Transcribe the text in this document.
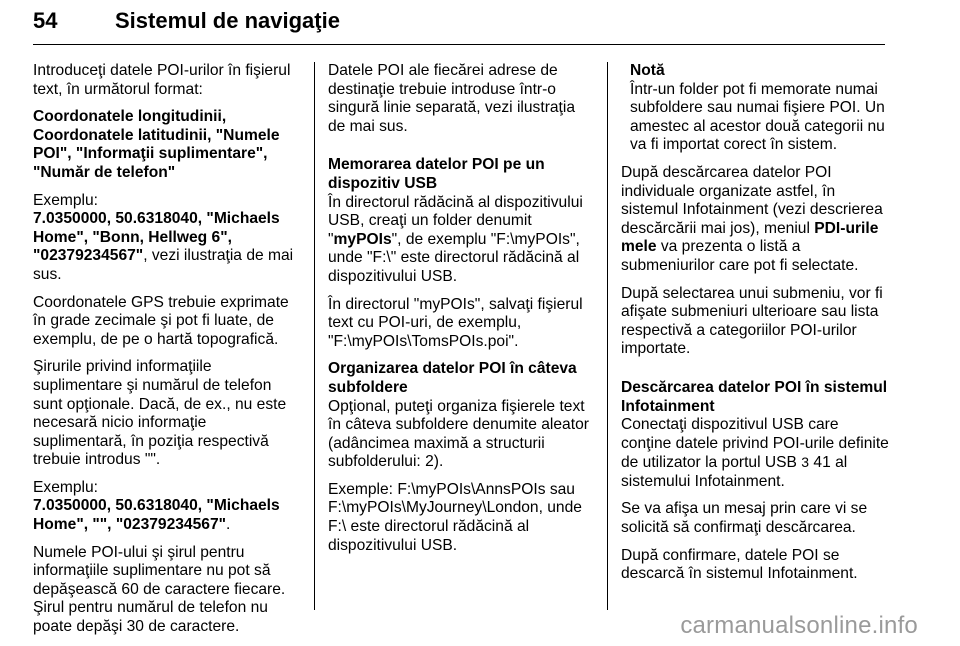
54	Sistemul de navigaţie

Introduceţi datele POI-urilor în fişierul text, în următorul format:

Coordonatele longitudinii, Coordonatele latitudinii, "Numele POI", "Informaţii suplimentare", "Număr de telefon"

Exemplu:
7.0350000, 50.6318040, "Michaels Home", "Bonn, Hellweg 6", "02379234567", vezi ilustraţia de mai sus.

Coordonatele GPS trebuie exprimate în grade zecimale şi pot fi luate, de exemplu, de pe o hartă topografică.

Şirurile privind informaţiile suplimentare şi numărul de telefon sunt opţionale. Dacă, de ex., nu este necesară nicio informaţie suplimentară, în poziţia respectivă trebuie introdus "".

Exemplu:
7.0350000, 50.6318040, "Michaels Home", "", "02379234567".

Numele POI-ului şi şirul pentru informaţiile suplimentare nu pot să depăşească 60 de caractere fiecare. Şirul pentru numărul de telefon nu poate depăşi 30 de caractere.

Datele POI ale fiecărei adrese de destinaţie trebuie introduse într-o singură linie separată, vezi ilustraţia de mai sus.

Memorarea datelor POI pe un dispozitiv USB

În directorul rădăcină al dispozitivului USB, creaţi un folder denumit "myPOIs", de exemplu "F:\myPOIs", unde "F:\" este directorul rădăcină al dispozitivului USB.

În directorul "myPOIs", salvaţi fişierul text cu POI-uri, de exemplu, "F:\myPOIs\TomsPOIs.poi".

Organizarea datelor POI în câteva subfoldere

Opţional, puteţi organiza fişierele text în câteva subfoldere denumite aleator (adâncimea maximă a structurii subfolderului: 2).

Exemple: F:\myPOIs\AnnsPOIs sau F:\myPOIs\MyJourney\London, unde F:\ este directorul rădăcină al dispozitivului USB.

Notă
Într-un folder pot fi memorate numai subfoldere sau numai fişiere POI. Un amestec al acestor două categorii nu va fi importat corect în sistem.

După descărcarea datelor POI individuale organizate astfel, în sistemul Infotainment (vezi descrierea descărcării mai jos), meniul PDI-urile mele va prezenta o listă a submeniurilor care pot fi selectate.

După selectarea unui submeniu, vor fi afişate submeniuri ulterioare sau lista respectivă a categoriilor POI-urilor importate.

Descărcarea datelor POI în sistemul Infotainment

Conectaţi dispozitivul USB care conţine datele privind POI-urile definite de utilizator la portul USB 3 41 al sistemului Infotainment.

Se va afişa un mesaj prin care vi se solicită să confirmaţi descărcarea.

După confirmare, datele POI se descarcă în sistemul Infotainment.

carmanualsonline.info
